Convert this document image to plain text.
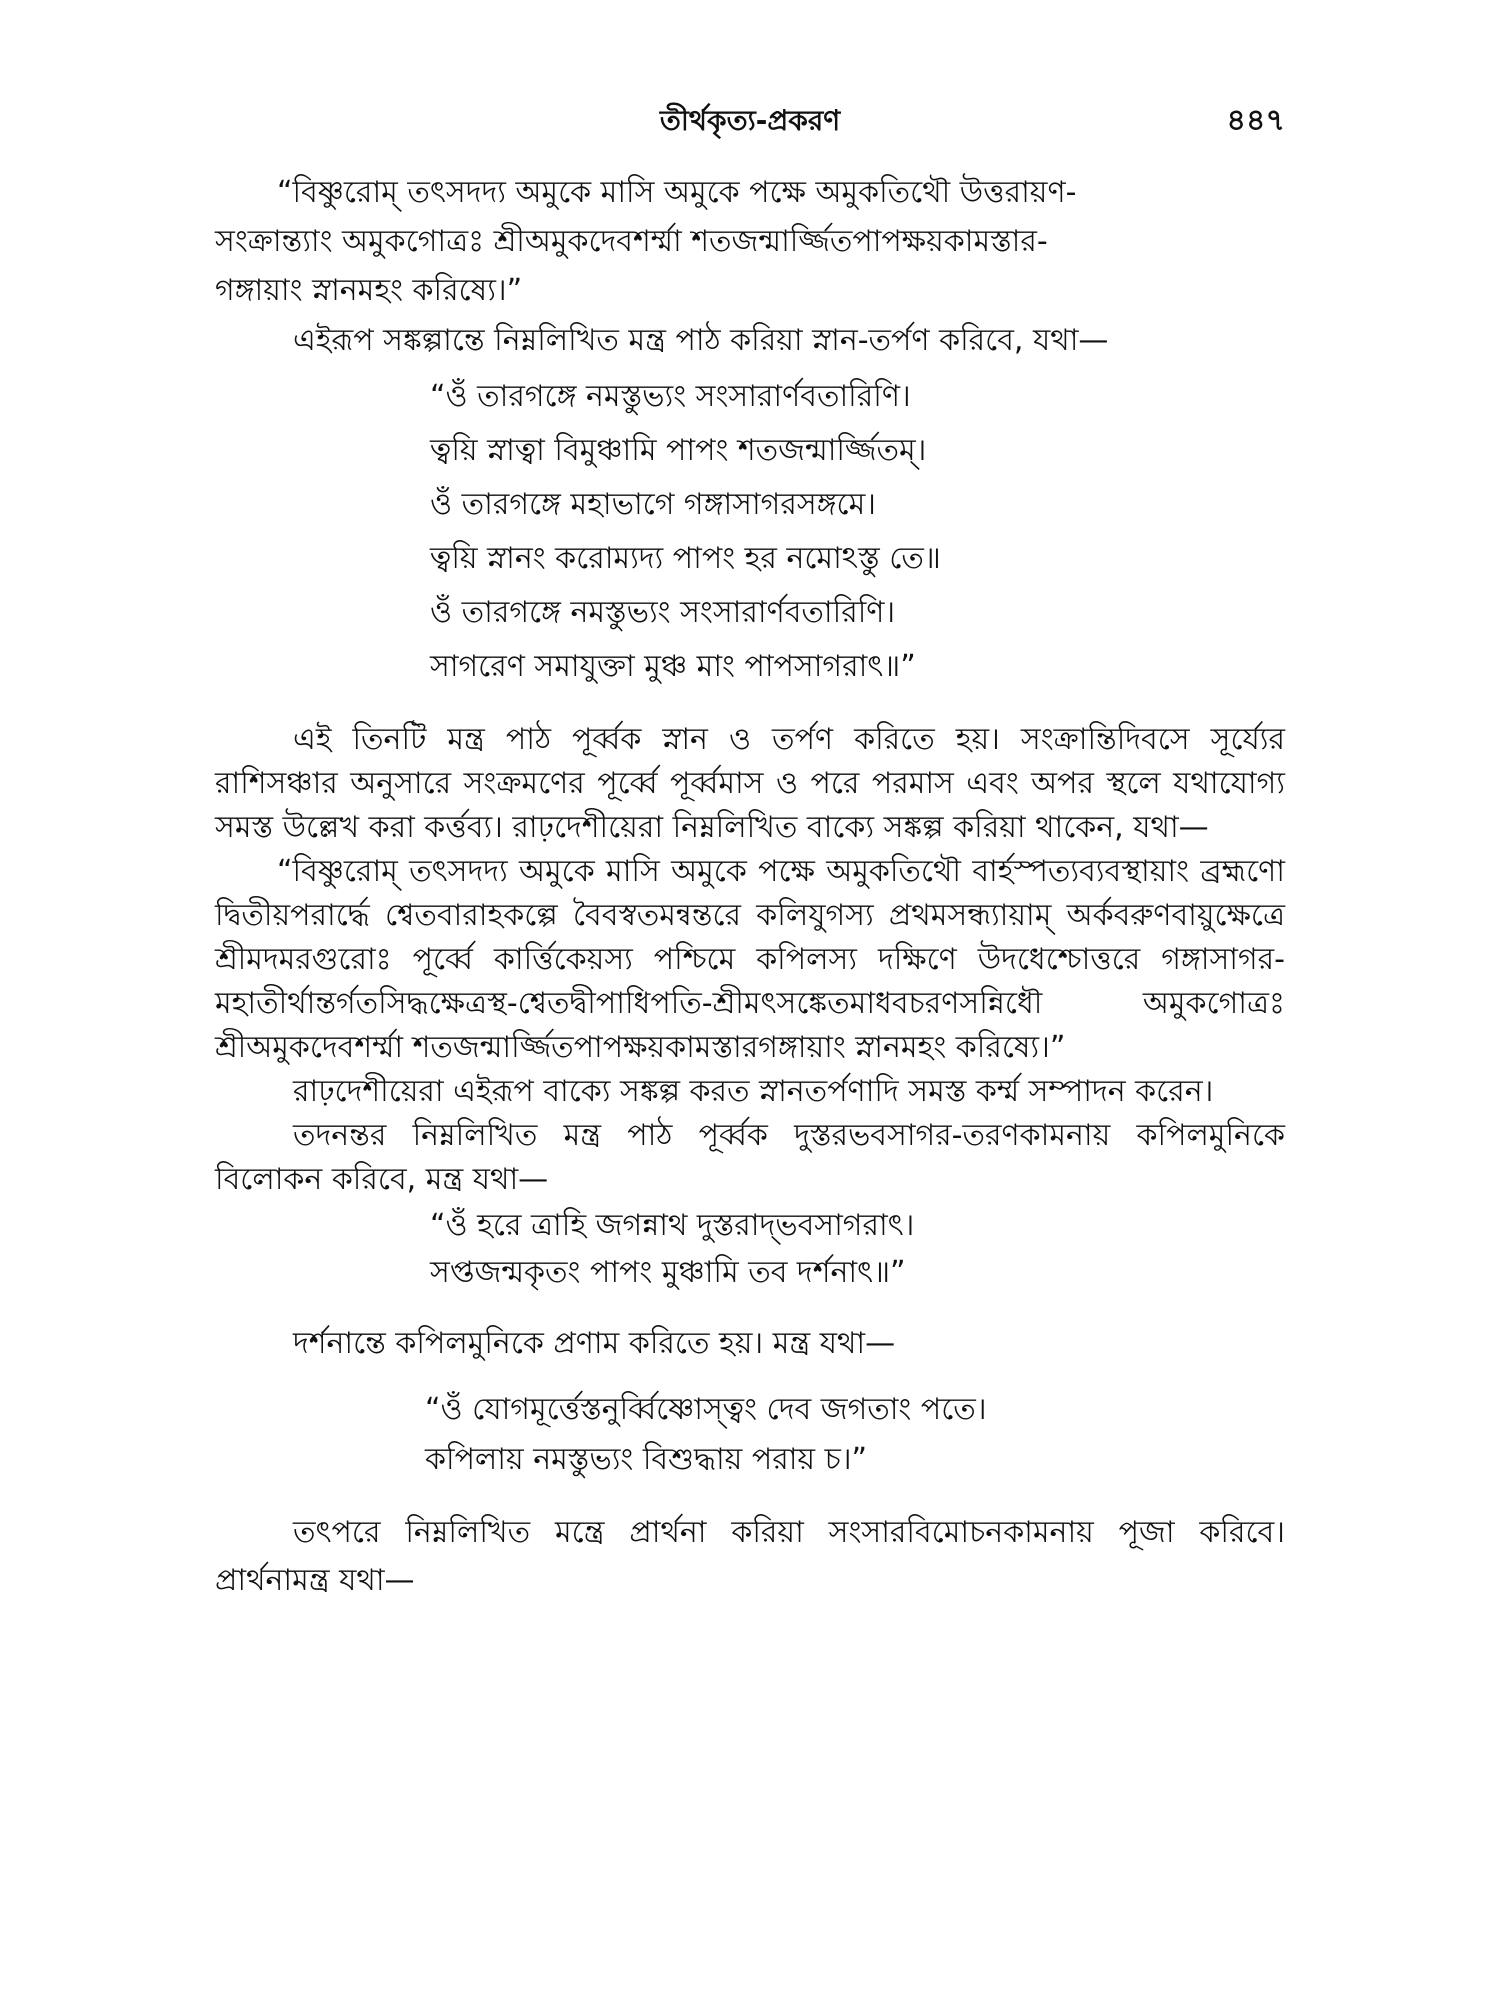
তীর্থকৃত্য-প্রকরণ	৪৪৭

“বিষ্ণুরোম্ তৎসদদ্য অমুকে মাসি অমুকে পক্ষে অমুকতিথৌ উত্তরায়ণ-
সংক্রান্ত্যাং অমুকগোত্রঃ শ্রীঅমুকদেবশর্ম্মা শতজন্মার্জ্জিতপাপক্ষয়কামস্তার-
গঙ্গায়াং স্নানমহং করিষ্যে।”

এইরূপ সঙ্কল্পান্তে নিম্নলিখিত মন্ত্র পাঠ করিয়া স্নান-তর্পণ করিবে, যথা—

“ওঁ তারগঙ্গে নমস্তুভ্যং সংসারার্ণবতারিণি।
ত্বয়ি স্নাত্বা বিমুঞ্চামি পাপং শতজন্মার্জ্জিতম্।
ওঁ তারগঙ্গে মহাভাগে গঙ্গাসাগরসঙ্গমে।
ত্বয়ি স্নানং করোম্যদ্য পাপং হর নমোঽস্তু তে॥
ওঁ তারগঙ্গে নমস্তুভ্যং সংসারার্ণবতারিণি।
সাগরেণ সমাযুক্তা মুঞ্চ মাং পাপসাগরাৎ॥”

এই তিনটি মন্ত্র পাঠ পূর্ব্বক স্নান ও তর্পণ করিতে হয়। সংক্রান্তিদিবসে সূর্য্যের রাশিসঞ্চার অনুসারে সংক্রমণের পূর্ব্বে পূর্ব্বমাস ও পরে পরমাস এবং অপর স্থলে যথাযোগ্য সমস্ত উল্লেখ করা কর্ত্তব্য। রাঢ়দেশীয়েরা নিম্নলিখিত বাক্যে সঙ্কল্প করিয়া থাকেন, যথা—

“বিষ্ণুরোম্ তৎসদদ্য অমুকে মাসি অমুকে পক্ষে অমুকতিথৌ বার্হস্পত্যব্যবস্থায়াং ব্রহ্মণো দ্বিতীয়পরার্দ্ধে শ্বেতবারাহকল্পে বৈবস্বতমন্বন্তরে কলিযুগস্য প্রথমসন্ধ্যায়াম্ অর্কবরুণবায়ুক্ষেত্রে শ্রীমদমরগুরোঃ পূর্ব্বে কার্ত্তিকেয়স্য পশ্চিমে কপিলস্য দক্ষিণে উদধেশ্চোত্তরে গঙ্গাসাগর-মহাতীর্থান্তর্গতসিদ্ধক্ষেত্রস্থ-শ্বেতদ্বীপাধিপতি-শ্রীমৎসঙ্কেতমাধবচরণসন্নিধৌ অমুকগোত্রঃ শ্রীঅমুকদেবশর্ম্মা শতজন্মার্জ্জিতপাপক্ষয়কামস্তারগঙ্গায়াং স্নানমহং করিষ্যে।”

রাঢ়দেশীয়েরা এইরূপ বাক্যে সঙ্কল্প করত স্নানতর্পণাদি সমস্ত কর্ম্ম সম্পাদন করেন।

তদনন্তর নিম্নলিখিত মন্ত্র পাঠ পূর্ব্বক দুস্তরভবসাগর-তরণকামনায় কপিলমুনিকে বিলোকন করিবে, মন্ত্র যথা—

“ওঁ হরে ত্রাহি জগন্নাথ দুস্তরাদ্‌ভবসাগরাৎ।
সপ্তজন্মকৃতং পাপং মুঞ্চামি তব দর্শনাৎ॥”

দর্শনান্তে কপিলমুনিকে প্রণাম করিতে হয়। মন্ত্র যথা—

“ওঁ যোগমূর্ত্তেস্তনুর্ব্বিষ্ণোস্ত্বং দেব জগতাং পতে।
কপিলায় নমস্তুভ্যং বিশুদ্ধায় পরায় চ।”

তৎপরে নিম্নলিখিত মন্ত্রে প্রার্থনা করিয়া সংসারবিমোচনকামনায় পূজা করিবে। প্রার্থনামন্ত্র যথা—
